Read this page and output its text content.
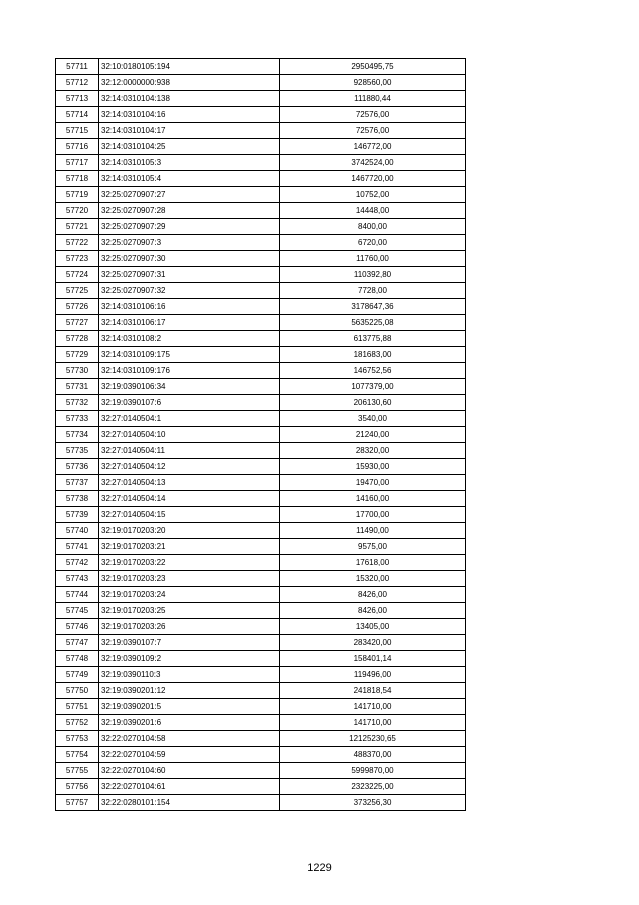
57711	32:10:0180105:194	2950495,75
57712	32:12:0000000:938	928560,00
57713	32:14:0310104:138	111880,44
57714	32:14:0310104:16	72576,00
57715	32:14:0310104:17	72576,00
57716	32:14:0310104:25	146772,00
57717	32:14:0310105:3	3742524,00
57718	32:14:0310105:4	1467720,00
57719	32:25:0270907:27	10752,00
57720	32:25:0270907:28	14448,00
57721	32:25:0270907:29	8400,00
57722	32:25:0270907:3	6720,00
57723	32:25:0270907:30	11760,00
57724	32:25:0270907:31	110392,80
57725	32:25:0270907:32	7728,00
57726	32:14:0310106:16	3178647,36
57727	32:14:0310106:17	5635225,08
57728	32:14:0310108:2	613775,88
57729	32:14:0310109:175	181683,00
57730	32:14:0310109:176	146752,56
57731	32:19:0390106:34	1077379,00
57732	32:19:0390107:6	206130,60
57733	32:27:0140504:1	3540,00
57734	32:27:0140504:10	21240,00
57735	32:27:0140504:11	28320,00
57736	32:27:0140504:12	15930,00
57737	32:27:0140504:13	19470,00
57738	32:27:0140504:14	14160,00
57739	32:27:0140504:15	17700,00
57740	32:19:0170203:20	11490,00
57741	32:19:0170203:21	9575,00
57742	32:19:0170203:22	17618,00
57743	32:19:0170203:23	15320,00
57744	32:19:0170203:24	8426,00
57745	32:19:0170203:25	8426,00
57746	32:19:0170203:26	13405,00
57747	32:19:0390107:7	283420,00
57748	32:19:0390109:2	158401,14
57749	32:19:0390110:3	119496,00
57750	32:19:0390201:12	241818,54
57751	32:19:0390201:5	141710,00
57752	32:19:0390201:6	141710,00
57753	32:22:0270104:58	12125230,65
57754	32:22:0270104:59	488370,00
57755	32:22:0270104:60	5999870,00
57756	32:22:0270104:61	2323225,00
57757	32:22:0280101:154	373256,30
1229
